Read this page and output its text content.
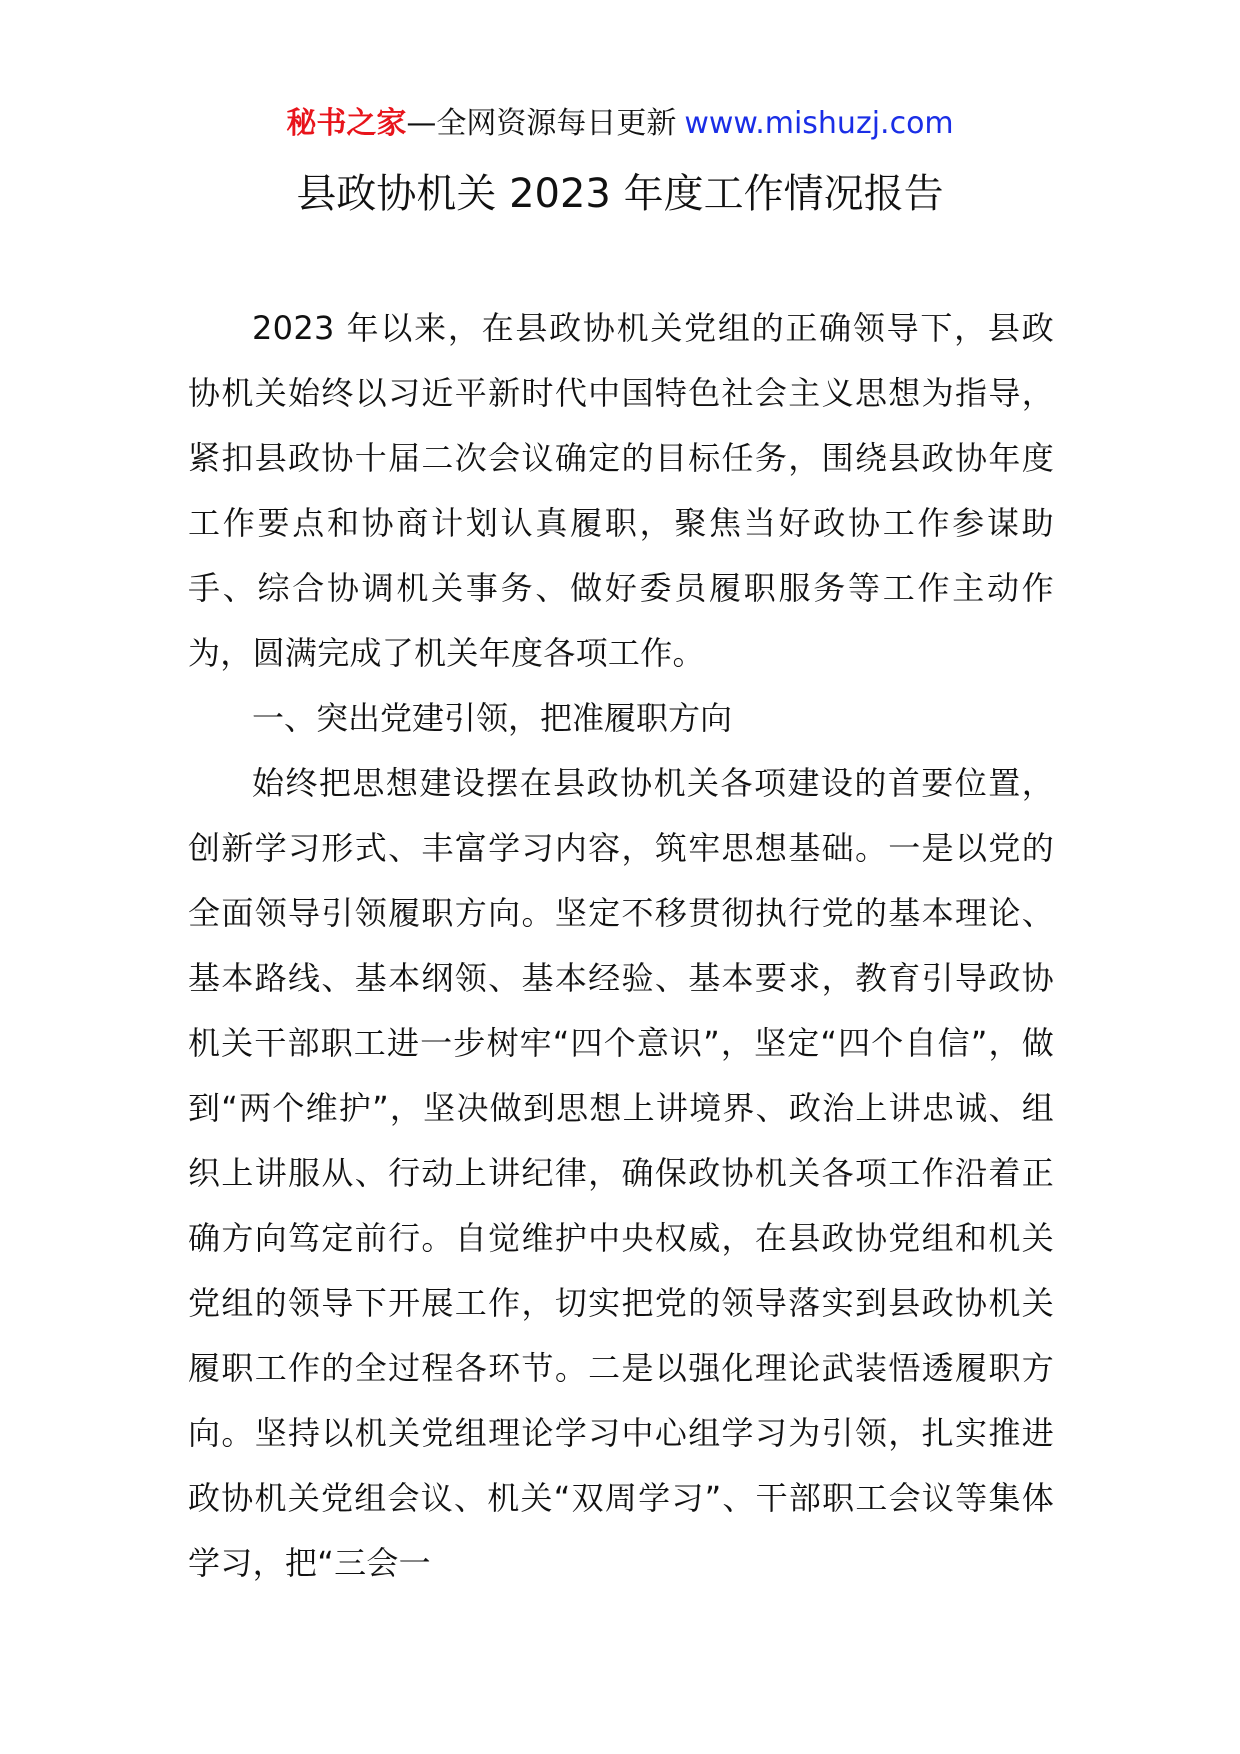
秘书之家—全网资源每日更新 www.mishuzj.com
县政协机关 2023 年度工作情况报告

2023 年以来，在县政协机关党组的正确领导下，县政协机关始终以习近平新时代中国特色社会主义思想为指导，紧扣县政协十届二次会议确定的目标任务，围绕县政协年度工作要点和协商计划认真履职，聚焦当好政协工作参谋助手、综合协调机关事务、做好委员履职服务等工作主动作为，圆满完成了机关年度各项工作。

一、突出党建引领，把准履职方向

始终把思想建设摆在县政协机关各项建设的首要位置，创新学习形式、丰富学习内容，筑牢思想基础。一是以党的全面领导引领履职方向。坚定不移贯彻执行党的基本理论、基本路线、基本纲领、基本经验、基本要求，教育引导政协机关干部职工进一步树牢“四个意识”，坚定“四个自信”，做到“两个维护”，坚决做到思想上讲境界、政治上讲忠诚、组织上讲服从、行动上讲纪律，确保政协机关各项工作沿着正确方向笃定前行。自觉维护中央权威，在县政协党组和机关党组的领导下开展工作，切实把党的领导落实到县政协机关履职工作的全过程各环节。二是以强化理论武装悟透履职方向。坚持以机关党组理论学习中心组学习为引领，扎实推进政协机关党组会议、机关“双周学习”、干部职工会议等集体学习，把“三会一
